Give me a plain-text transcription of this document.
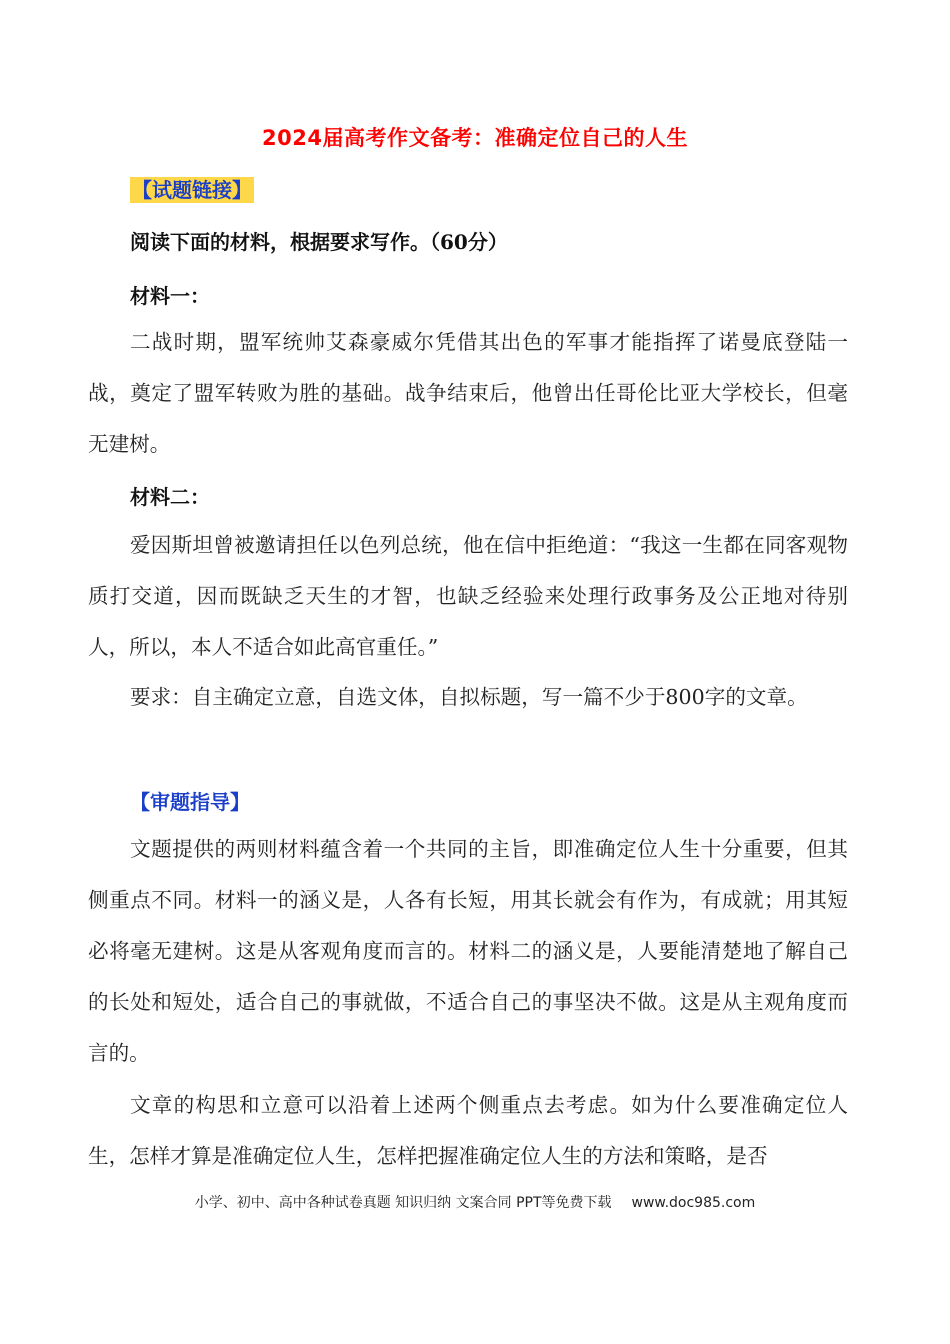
2024届高考作文备考：准确定位自己的人生
【试题链接】
阅读下面的材料，根据要求写作。（60分）
材料一：

二战时期，盟军统帅艾森豪威尔凭借其出色的军事才能指挥了诺曼底登陆一战，奠定了盟军转败为胜的基础。战争结束后，他曾出任哥伦比亚大学校长，但毫无建树。

材料二：

爱因斯坦曾被邀请担任以色列总统，他在信中拒绝道：“我这一生都在同客观物质打交道，因而既缺乏天生的才智，也缺乏经验来处理行政事务及公正地对待别人，所以，本人不适合如此高官重任。”

要求：自主确定立意，自选文体，自拟标题，写一篇不少于800字的文章。

【审题指导】

文题提供的两则材料蕴含着一个共同的主旨，即准确定位人生十分重要，但其侧重点不同。材料一的涵义是，人各有长短，用其长就会有作为，有成就；用其短必将毫无建树。这是从客观角度而言的。材料二的涵义是，人要能清楚地了解自己的长处和短处，适合自己的事就做，不适合自己的事坚决不做。这是从主观角度而言的。

文章的构思和立意可以沿着上述两个侧重点去考虑。如为什么要准确定位人生，怎样才算是准确定位人生，怎样把握准确定位人生的方法和策略，是否

小学、初中、高中各种试卷真题 知识归纳 文案合同 PPT等免费下载 www.doc985.com
